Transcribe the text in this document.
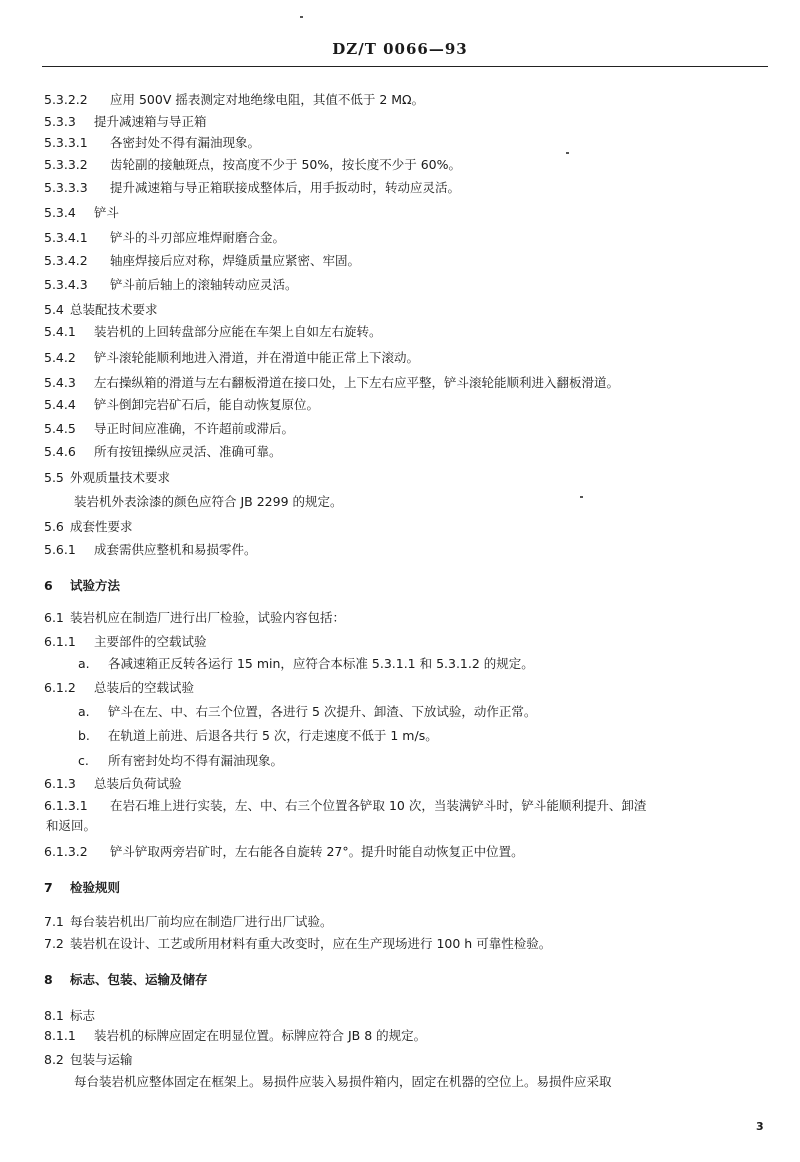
DZ/T 0066—93
5.3.2.2 应用 500V 摇表测定对地绝缘电阻，其值不低于 2 MΩ。
5.3.3 提升减速箱与导正箱
5.3.3.1 各密封处不得有漏油现象。
5.3.3.2 齿轮副的接触斑点，按高度不少于 50%，按长度不少于 60%。
5.3.3.3 提升减速箱与导正箱联接成整体后，用手扳动时，转动应灵活。
5.3.4 铲斗
5.3.4.1 铲斗的斗刃部应堆焊耐磨合金。
5.3.4.2 轴座焊接后应对称，焊缝质量应紧密、牢固。
5.3.4.3 铲斗前后轴上的滚轴转动应灵活。
5.4 总装配技术要求
5.4.1 装岩机的上回转盘部分应能在车架上自如左右旋转。
5.4.2 铲斗滚轮能顺利地进入滑道，并在滑道中能正常上下滚动。
5.4.3 左右操纵箱的滑道与左右翻板滑道在接口处，上下左右应平整，铲斗滚轮能顺利进入翻板滑道。
5.4.4 铲斗倒卸完岩矿石后，能自动恢复原位。
5.4.5 导正时间应准确，不许超前或滞后。
5.4.6 所有按钮操纵应灵活、准确可靠。
5.5 外观质量技术要求
装岩机外表涂漆的颜色应符合 JB 2299 的规定。
5.6 成套性要求
5.6.1 成套需供应整机和易损零件。
6 试验方法
6.1 装岩机应在制造厂进行出厂检验，试验内容包括：
6.1.1 主要部件的空载试验
a. 各减速箱正反转各运行 15 min，应符合本标准 5.3.1.1 和 5.3.1.2 的规定。
6.1.2 总装后的空载试验
a. 铲斗在左、中、右三个位置，各进行 5 次提升、卸渣、下放试验，动作正常。
b. 在轨道上前进、后退各共行 5 次，行走速度不低于 1 m/s。
c. 所有密封处均不得有漏油现象。
6.1.3 总装后负荷试验
6.1.3.1 在岩石堆上进行实装，左、中、右三个位置各铲取 10 次，当装满铲斗时，铲斗能顺利提升、卸渣
和返回。
6.1.3.2 铲斗铲取两旁岩矿时，左右能各自旋转 27°。提升时能自动恢复正中位置。
7 检验规则
7.1 每台装岩机出厂前均应在制造厂进行出厂试验。
7.2 装岩机在设计、工艺或所用材料有重大改变时，应在生产现场进行 100 h 可靠性检验。
8 标志、包装、运输及储存
8.1 标志
8.1.1 装岩机的标牌应固定在明显位置。标牌应符合 JB 8 的规定。
8.2 包装与运输
每台装岩机应整体固定在框架上。易损件应装入易损件箱内，固定在机器的空位上。易损件应采取
3
